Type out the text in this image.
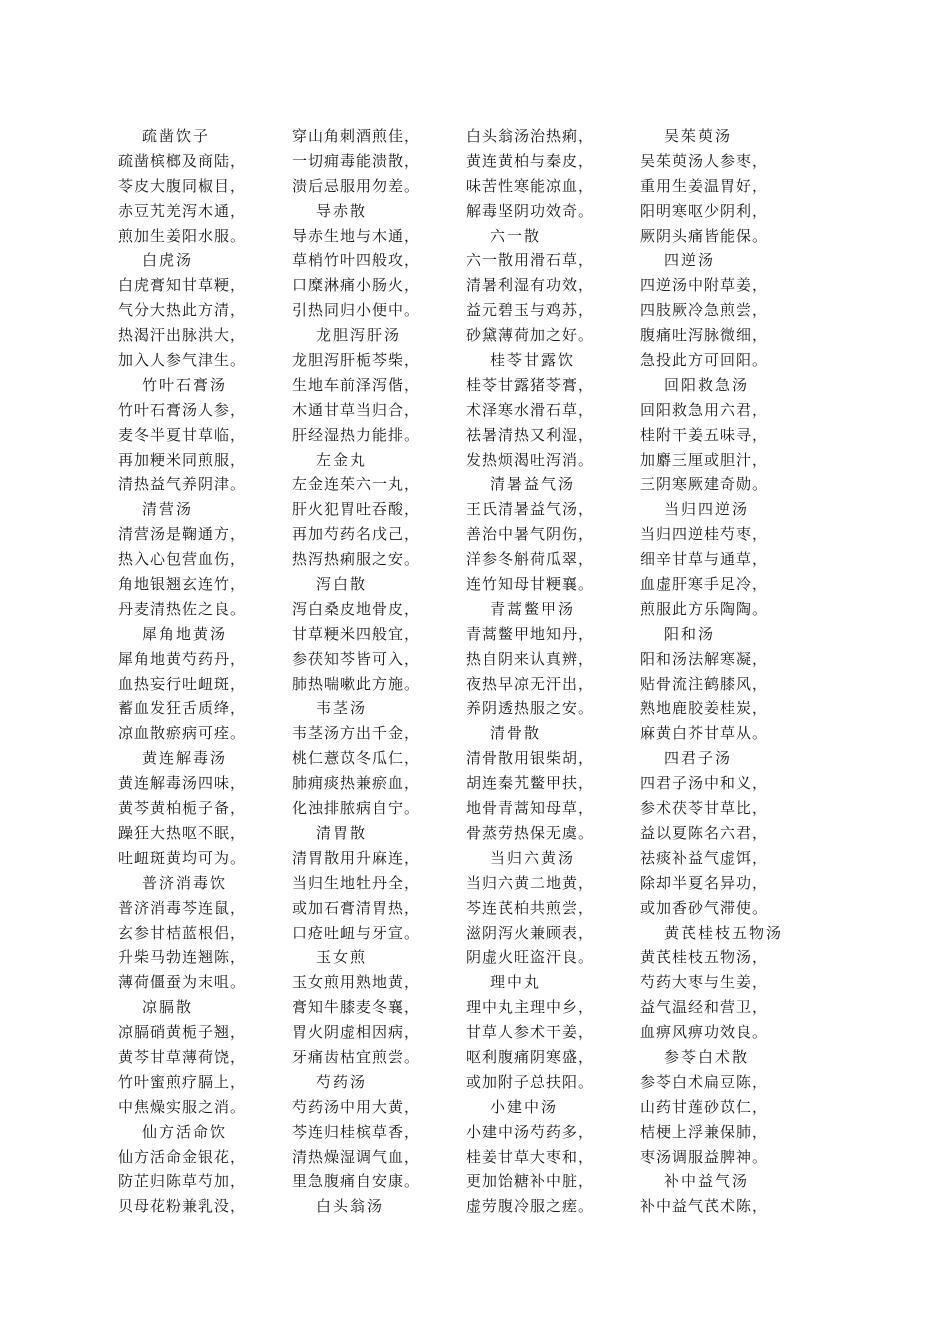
疏凿饮子
疏凿槟榔及商陆，
苓皮大腹同椒目，
赤豆艽羌泻木通，
煎加生姜阳水服。
白虎汤
白虎膏知甘草粳，
气分大热此方清，
热渴汗出脉洪大，
加入人参气津生。
竹叶石膏汤
竹叶石膏汤人参，
麦冬半夏甘草临，
再加粳米同煎服，
清热益气养阴津。
清营汤
清营汤是鞠通方，
热入心包营血伤，
角地银翘玄连竹，
丹麦清热佐之良。
犀角地黄汤
犀角地黄芍药丹，
血热妄行吐衄斑，
蓄血发狂舌质绛，
凉血散瘀病可痊。
黄连解毒汤
黄连解毒汤四味，
黄芩黄柏栀子备，
躁狂大热呕不眠，
吐衄斑黄均可为。
普济消毒饮
普济消毒芩连鼠，
玄参甘桔蓝根侣，
升柴马勃连翘陈，
薄荷僵蚕为末咀。
凉膈散
凉膈硝黄栀子翘，
黄芩甘草薄荷饶，
竹叶蜜煎疗膈上，
中焦燥实服之消。
仙方活命饮
仙方活命金银花，
防芷归陈草芍加，
贝母花粉兼乳没，
穿山角刺酒煎佳，
一切痈毒能溃散，
溃后忌服用勿差。
导赤散
导赤生地与木通，
草梢竹叶四般攻，
口糜淋痛小肠火，
引热同归小便中。
龙胆泻肝汤
龙胆泻肝栀芩柴，
生地车前泽泻偕，
木通甘草当归合，
肝经湿热力能排。
左金丸
左金连茱六一丸，
肝火犯胃吐吞酸，
再加芍药名戊己，
热泻热痢服之安。
泻白散
泻白桑皮地骨皮，
甘草粳米四般宜，
参茯知芩皆可入，
肺热喘嗽此方施。
韦茎汤
韦茎汤方出千金，
桃仁薏苡冬瓜仁，
肺痈痰热兼瘀血，
化浊排脓病自宁。
清胃散
清胃散用升麻连，
当归生地牡丹全，
或加石膏清胃热，
口疮吐衄与牙宣。
玉女煎
玉女煎用熟地黄，
膏知牛膝麦冬襄，
胃火阴虚相因病，
牙痛齿枯宜煎尝。
芍药汤
芍药汤中用大黄，
芩连归桂槟草香，
清热燥湿调气血，
里急腹痛自安康。
白头翁汤
白头翁汤治热痢，
黄连黄柏与秦皮，
味苦性寒能凉血，
解毒坚阴功效奇。
六一散
六一散用滑石草，
清暑利湿有功效，
益元碧玉与鸡苏，
砂黛薄荷加之好。
桂苓甘露饮
桂苓甘露猪苓膏，
术泽寒水滑石草，
祛暑清热又利湿，
发热烦渴吐泻消。
清暑益气汤
王氏清暑益气汤，
善治中暑气阴伤，
洋参冬斛荷瓜翠，
连竹知母甘粳襄。
青蒿鳖甲汤
青蒿鳖甲地知丹，
热自阴来认真辨，
夜热早凉无汗出，
养阴透热服之安。
清骨散
清骨散用银柴胡，
胡连秦艽鳖甲扶，
地骨青蒿知母草，
骨蒸劳热保无虞。
当归六黄汤
当归六黄二地黄，
芩连芪柏共煎尝，
滋阴泻火兼顾表，
阴虚火旺盗汗良。
理中丸
理中丸主理中乡，
甘草人参术干姜，
呕利腹痛阴寒盛，
或加附子总扶阳。
小建中汤
小建中汤芍药多，
桂姜甘草大枣和，
更加饴糖补中脏，
虚劳腹冷服之瘥。
吴茱萸汤
吴茱萸汤人参枣，
重用生姜温胃好，
阳明寒呕少阴利，
厥阴头痛皆能保。
四逆汤
四逆汤中附草姜，
四肢厥冷急煎尝，
腹痛吐泻脉微细，
急投此方可回阳。
回阳救急汤
回阳救急用六君，
桂附干姜五味寻，
加麝三厘或胆汁，
三阴寒厥建奇勋。
当归四逆汤
当归四逆桂芍枣，
细辛甘草与通草，
血虚肝寒手足冷，
煎服此方乐陶陶。
阳和汤
阳和汤法解寒凝，
贴骨流注鹤膝风，
熟地鹿胶姜桂炭，
麻黄白芥甘草从。
四君子汤
四君子汤中和义，
参术茯苓甘草比，
益以夏陈名六君，
祛痰补益气虚饵，
除却半夏名异功，
或加香砂气滞使。
黄芪桂枝五物汤
黄芪桂枝五物汤，
芍药大枣与生姜，
益气温经和营卫，
血痹风痹功效良。
参苓白术散
参苓白术扁豆陈，
山药甘莲砂苡仁，
桔梗上浮兼保肺，
枣汤调服益脾神。
补中益气汤
补中益气芪术陈，
